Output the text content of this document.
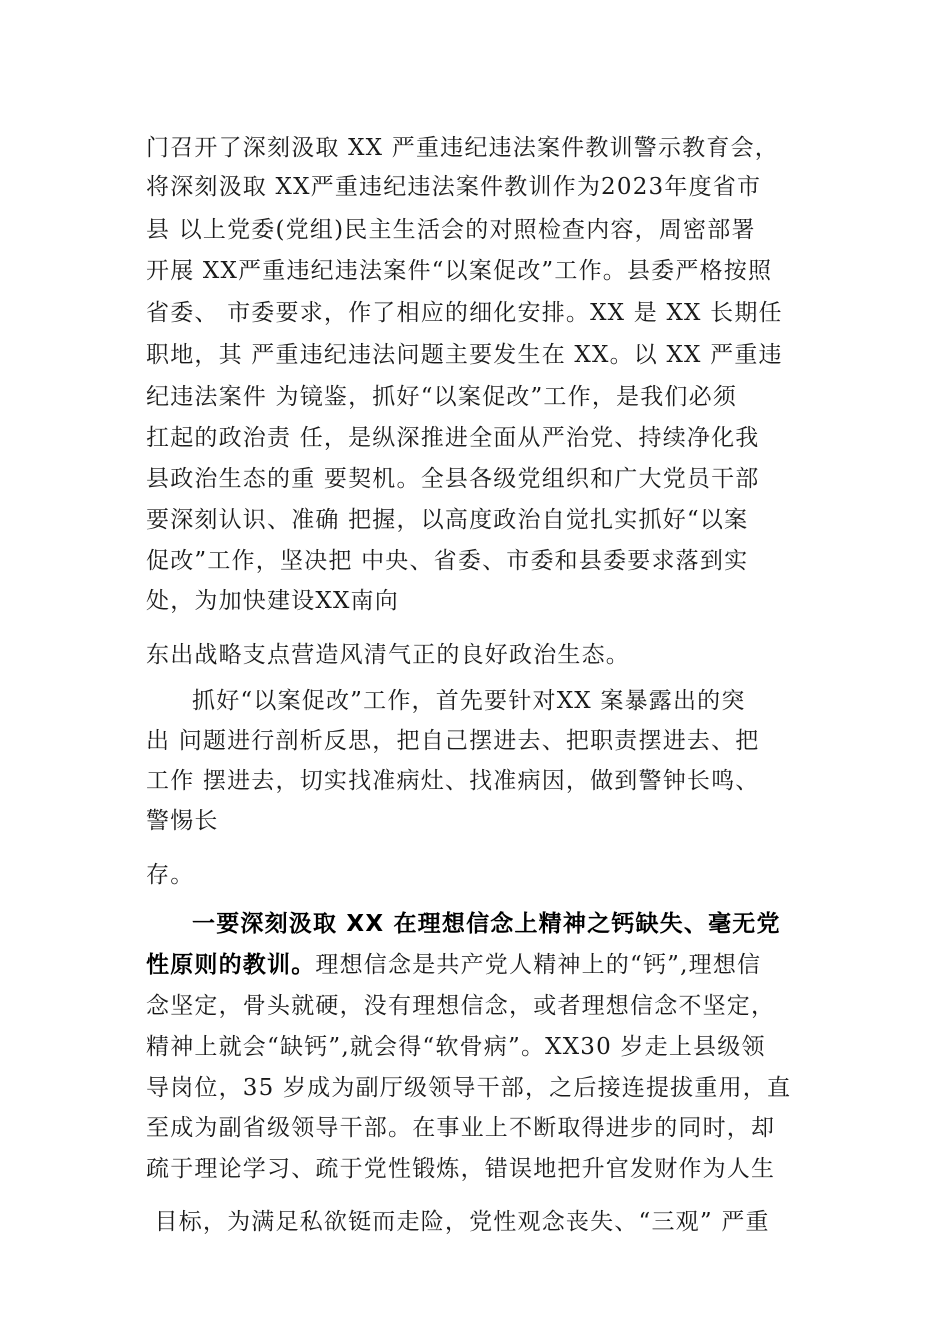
门召开了深刻汲取 XX 严重违纪违法案件教训警示教育会，
将深刻汲取 XX严重违纪违法案件教训作为2023年度省市
县 以上党委(党组)民主生活会的对照检查内容，周密部署
开展 XX严重违纪违法案件“以案促改”工作。县委严格按照
省委、 市委要求，作了相应的细化安排。XX 是 XX 长期任
职地，其 严重违纪违法问题主要发生在 XX。以 XX 严重违
纪违法案件 为镜鉴，抓好“以案促改”工作，是我们必须
扛起的政治责 任，是纵深推进全面从严治党、持续净化我
县政治生态的重 要契机。全县各级党组织和广大党员干部
要深刻认识、准确 把握，以高度政治自觉扎实抓好“以案
促改”工作，坚决把 中央、省委、市委和县委要求落到实
处，为加快建设XX南向
东出战略支点营造风清气正的良好政治生态。
抓好“以案促改”工作，首先要针对XX 案暴露出的突
出 问题进行剖析反思，把自己摆进去、把职责摆进去、把
工作 摆进去，切实找准病灶、找准病因，做到警钟长鸣、
警惕长
存。
一要深刻汲取 XX 在理想信念上精神之钙缺失、毫无党
性原则的教训。理想信念是共产党人精神上的“钙”,理想信
念坚定，骨头就硬，没有理想信念，或者理想信念不坚定，
精神上就会“缺钙”,就会得“软骨病”。XX30 岁走上县级领
导岗位，35 岁成为副厅级领导干部，之后接连提拔重用，直
至成为副省级领导干部。在事业上不断取得进步的同时，却
疏于理论学习、疏于党性锻炼，错误地把升官发财作为人生
目标，为满足私欲铤而走险，党性观念丧失、“三观” 严重
